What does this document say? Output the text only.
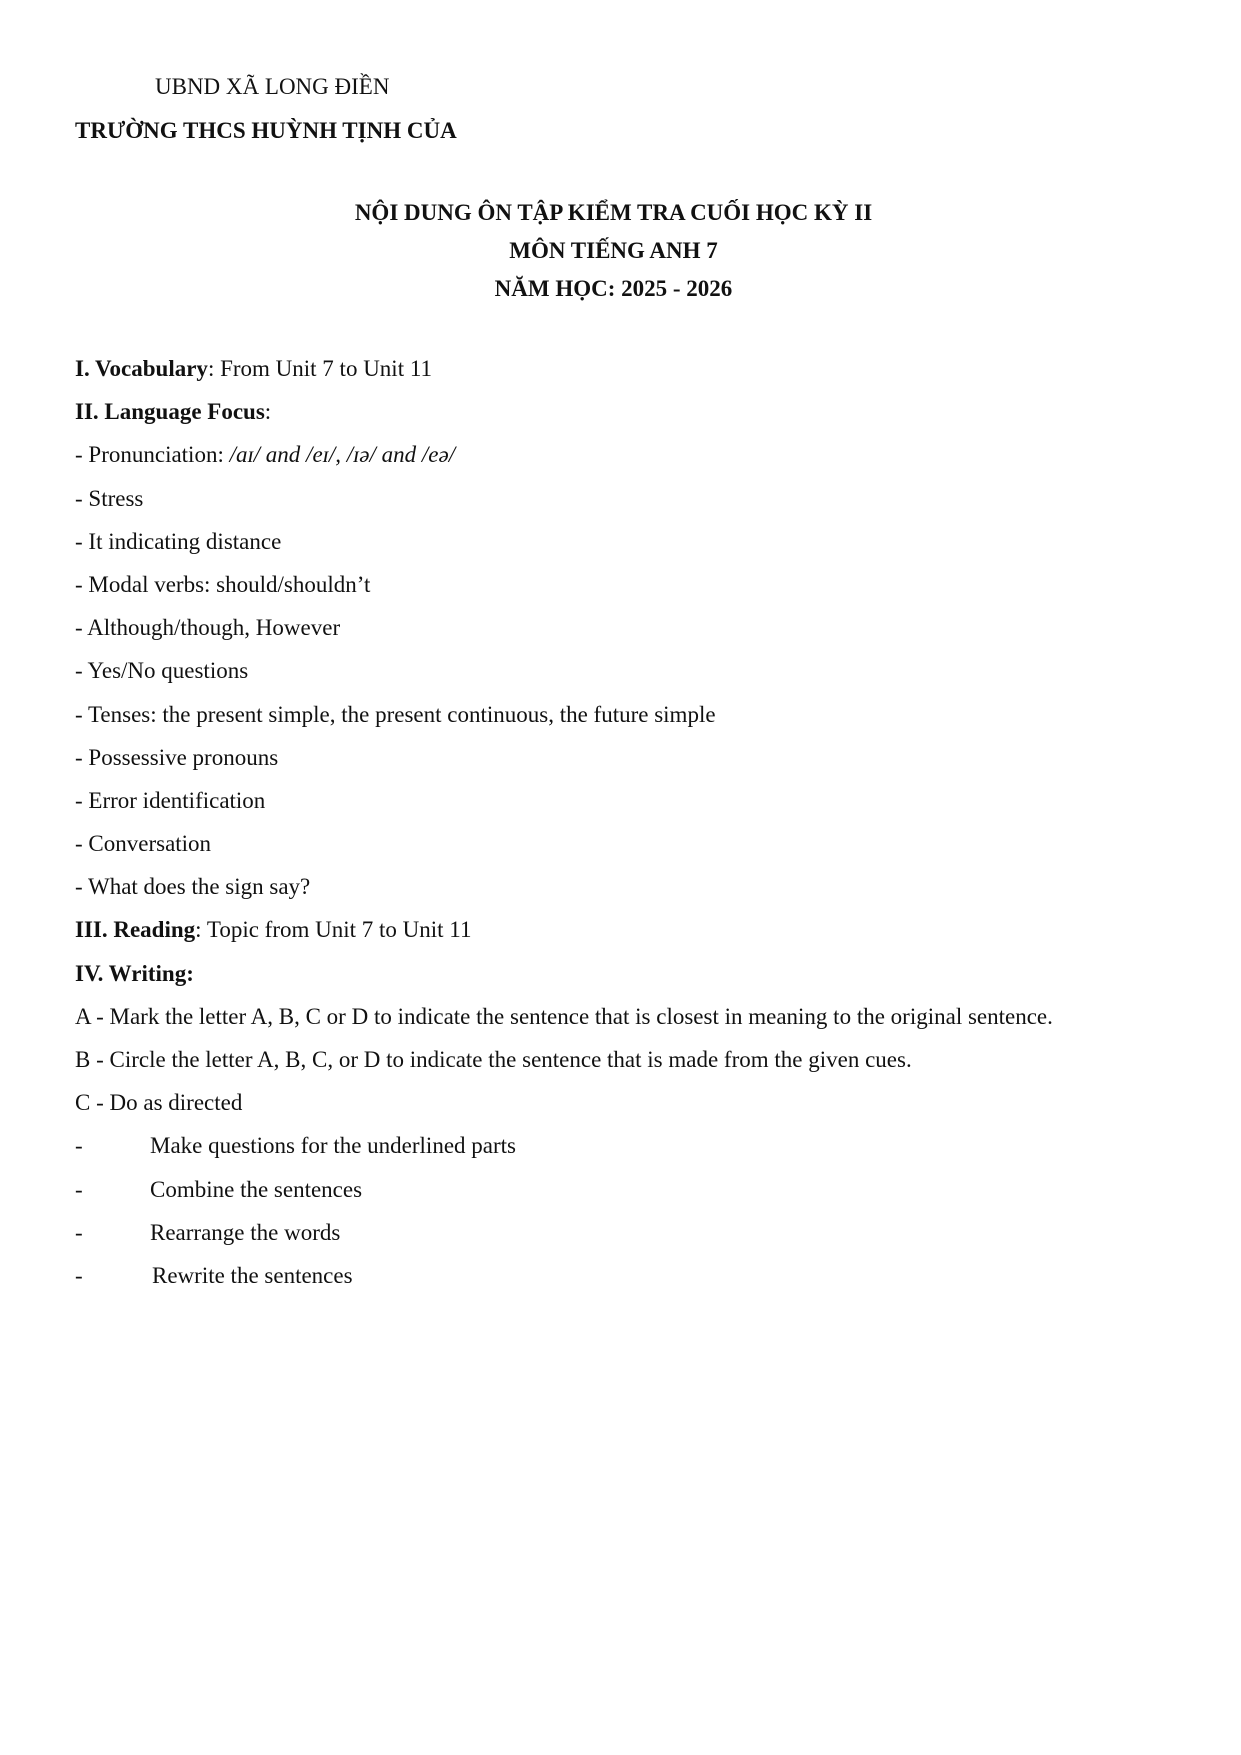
UBND XÃ LONG ĐIỀN
TRƯỜNG THCS HUỲNH TỊNH CỦA
NỘI DUNG ÔN TẬP KIỂM TRA CUỐI HỌC KỲ II
MÔN TIẾNG ANH 7
NĂM HỌC: 2025 - 2026
I. Vocabulary: From Unit 7 to Unit 11
II. Language Focus:
- Pronunciation: /aɪ/ and /eɪ/, /ɪə/ and /eə/
- Stress
- It indicating distance
- Modal verbs: should/shouldn’t
- Although/though, However
- Yes/No questions
- Tenses: the present simple, the present continuous, the future simple
- Possessive pronouns
- Error identification
- Conversation
- What does the sign say?
III. Reading: Topic from Unit 7 to Unit 11
IV. Writing:
A - Mark the letter A, B, C or D to indicate the sentence that is closest in meaning to the original sentence.
B - Circle the letter A, B, C, or D to indicate the sentence that is made from the given cues.
C - Do as directed
-	Make questions for the underlined parts
-	Combine the sentences
-	Rearrange the words
-	Rewrite the sentences
